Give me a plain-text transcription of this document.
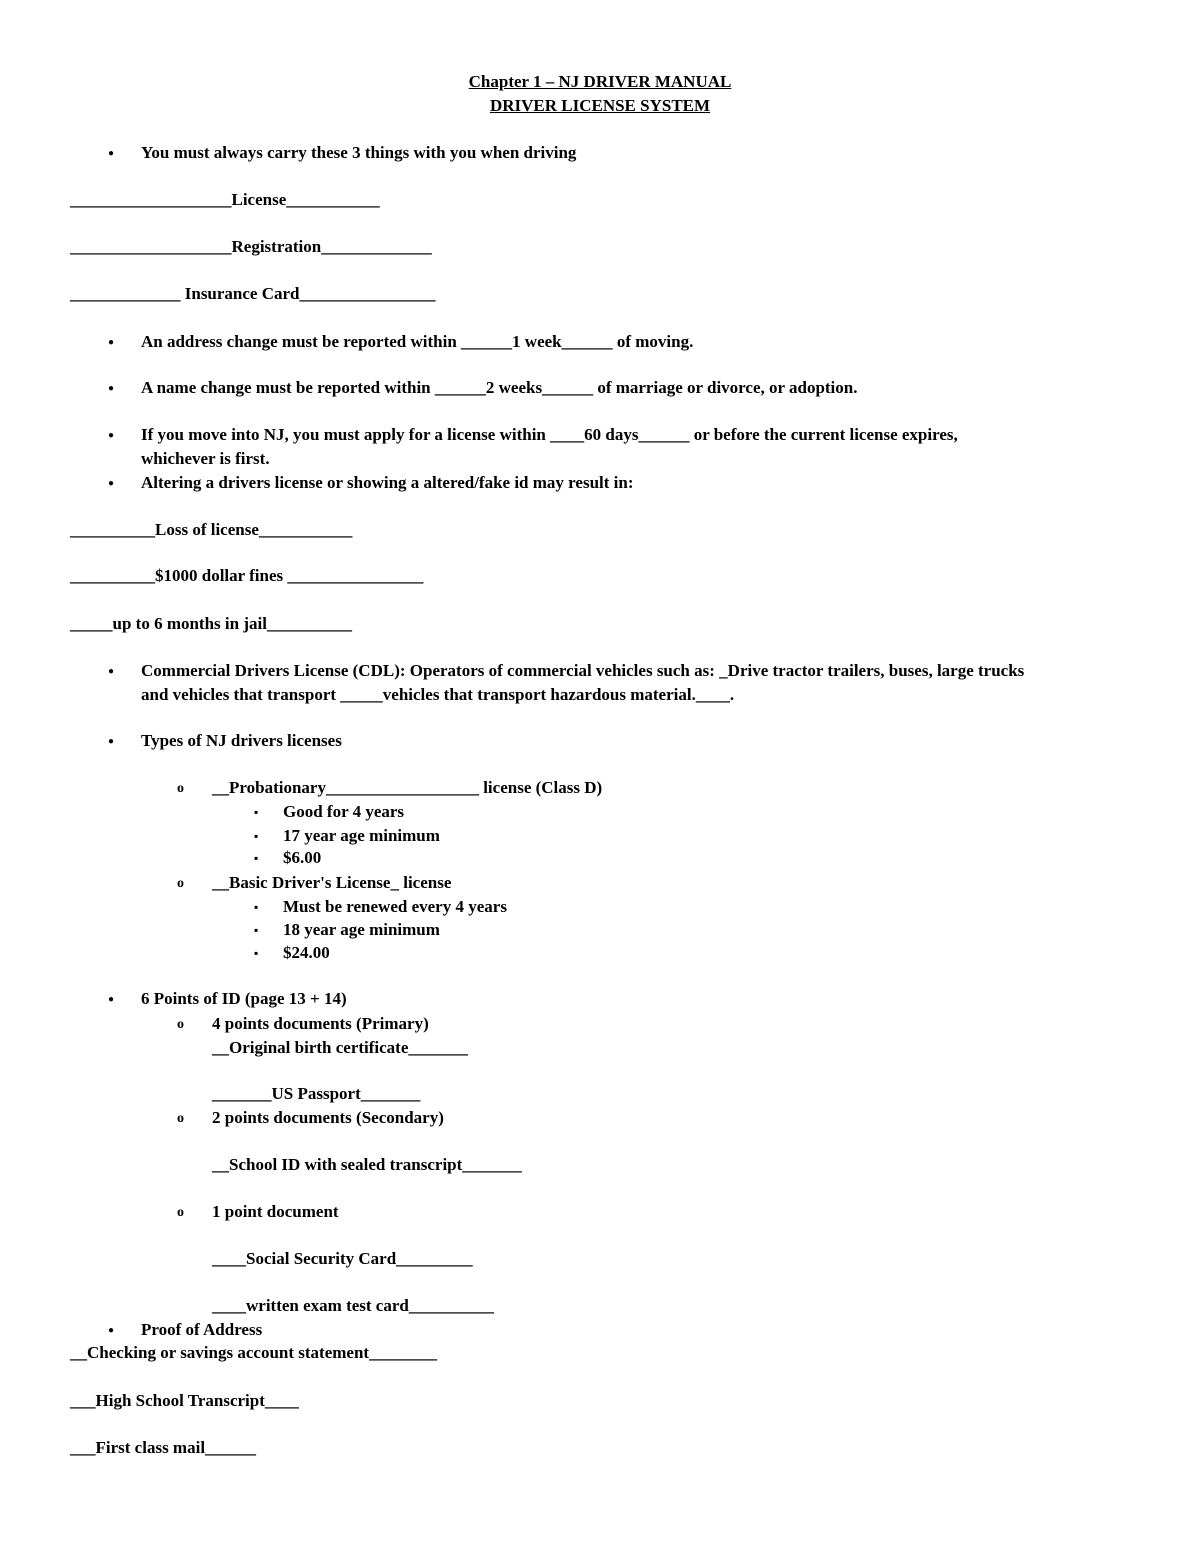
Chapter 1 – NJ DRIVER MANUAL
DRIVER LICENSE SYSTEM
● You must always carry these 3 things with you when driving
___________________License___________
___________________Registration_____________
_____________ Insurance Card________________
● An address change must be reported within ______1 week______ of moving.
● A name change must be reported within ______2 weeks______ of marriage or divorce, or adoption.
● If you move into NJ, you must apply for a license within ____60 days______ or before the current license expires,
whichever is first.
● Altering a drivers license or showing a altered/fake id may result in:
__________Loss of license___________
__________$1000 dollar fines ________________
_____up to 6 months in jail__________
● Commercial Drivers License (CDL): Operators of commercial vehicles such as: _Drive tractor trailers, buses, large trucks
and vehicles that transport _____vehicles that transport hazardous material.____.
● Types of NJ drivers licenses
o __Probationary__________________ license (Class D)
▪ Good for 4 years
▪ 17 year age minimum
▪ $6.00
o __Basic Driver's License_ license
▪ Must be renewed every 4 years
▪ 18 year age minimum
▪ $24.00
● 6 Points of ID (page 13 + 14)
o 4 points documents (Primary)
__Original birth certificate_______
_______US Passport_______
o 2 points documents (Secondary)
__School ID with sealed transcript_______
o 1 point document
____Social Security Card_________
____written exam test card__________
● Proof of Address
__Checking or savings account statement________
___High School Transcript____
___First class mail______
